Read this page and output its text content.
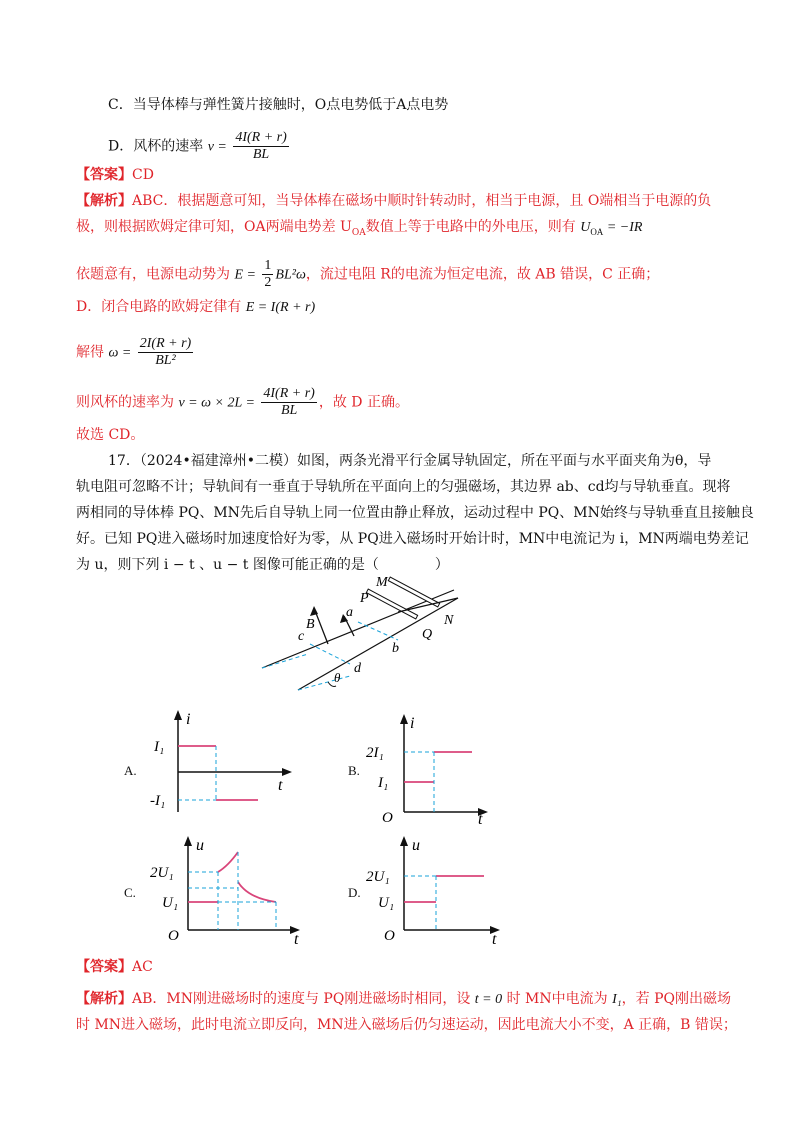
C．当导体棒与弹性簧片接触时，O点电势低于A点电势
D．风杯的速率 $v = \frac{4I(R + r)}{BL}$
【答案】CD
【解析】ABC．根据题意可知，当导体棒在磁场中顺时针转动时，相当于电源，且 O端相当于电源的负
极，则根据欧姆定律可知，OA两端电势差 $U_{OA}$数值上等于电路中的外电压，则有 $U_{OA} = -IR$
依题意有，电源电动势为 $E = \frac{1}{2} BL^2\omega$，流过电阻 R的电流为恒定电流，故 AB 错误，C 正确；
D．闭合电路的欧姆定律有 E = I(R + r)
解得 $\omega = \frac{2I(R + r)}{\text{BL²}}$
则风杯的速率为 $v = \omega \times 2L = \frac{4I(R + r)}{BL}$ ，故 D 正确。
故选 CD。
17．（2024•福建漳州•二模）如图，两条光滑平行金属导轨固定，所在平面与水平面夹角为θ，导
轨电阻可忽略不计；导轨间有一垂直于导轨所在平面向上的匀强磁场，其边界 ab、cd均与导轨垂直。现将
两相同的导体棒 PQ、MN先后自导轨上同一位置由静止释放，运动过程中 PQ、MN始终与导轨垂直且接触良
好。已知 PQ进入磁场时加速度恰好为零，从 PQ进入磁场时开始计时，MN中电流记为 i，MN两端电势差记
为 u，则下列 i − t 、u − t 图像可能正确的是（　　　　）
M
N
P
Q
a
b
c
d
B
θ
A.
i
t
I₁
-I₁
B.
i
t
O
2I₁
I₁
C.
u
t
O
2U₁
U₁
D.
u
t
O
2U₁
U₁
【答案】AC
【解析】AB．MN刚进磁场时的速度与 PQ刚进磁场时相同，设 t = 0 时 MN中电流为 I₁，若 PQ刚出磁场
时 MN进入磁场，此时电流立即反向，MN进入磁场后仍匀速运动，因此电流大小不变，A 正确，B 错误；
